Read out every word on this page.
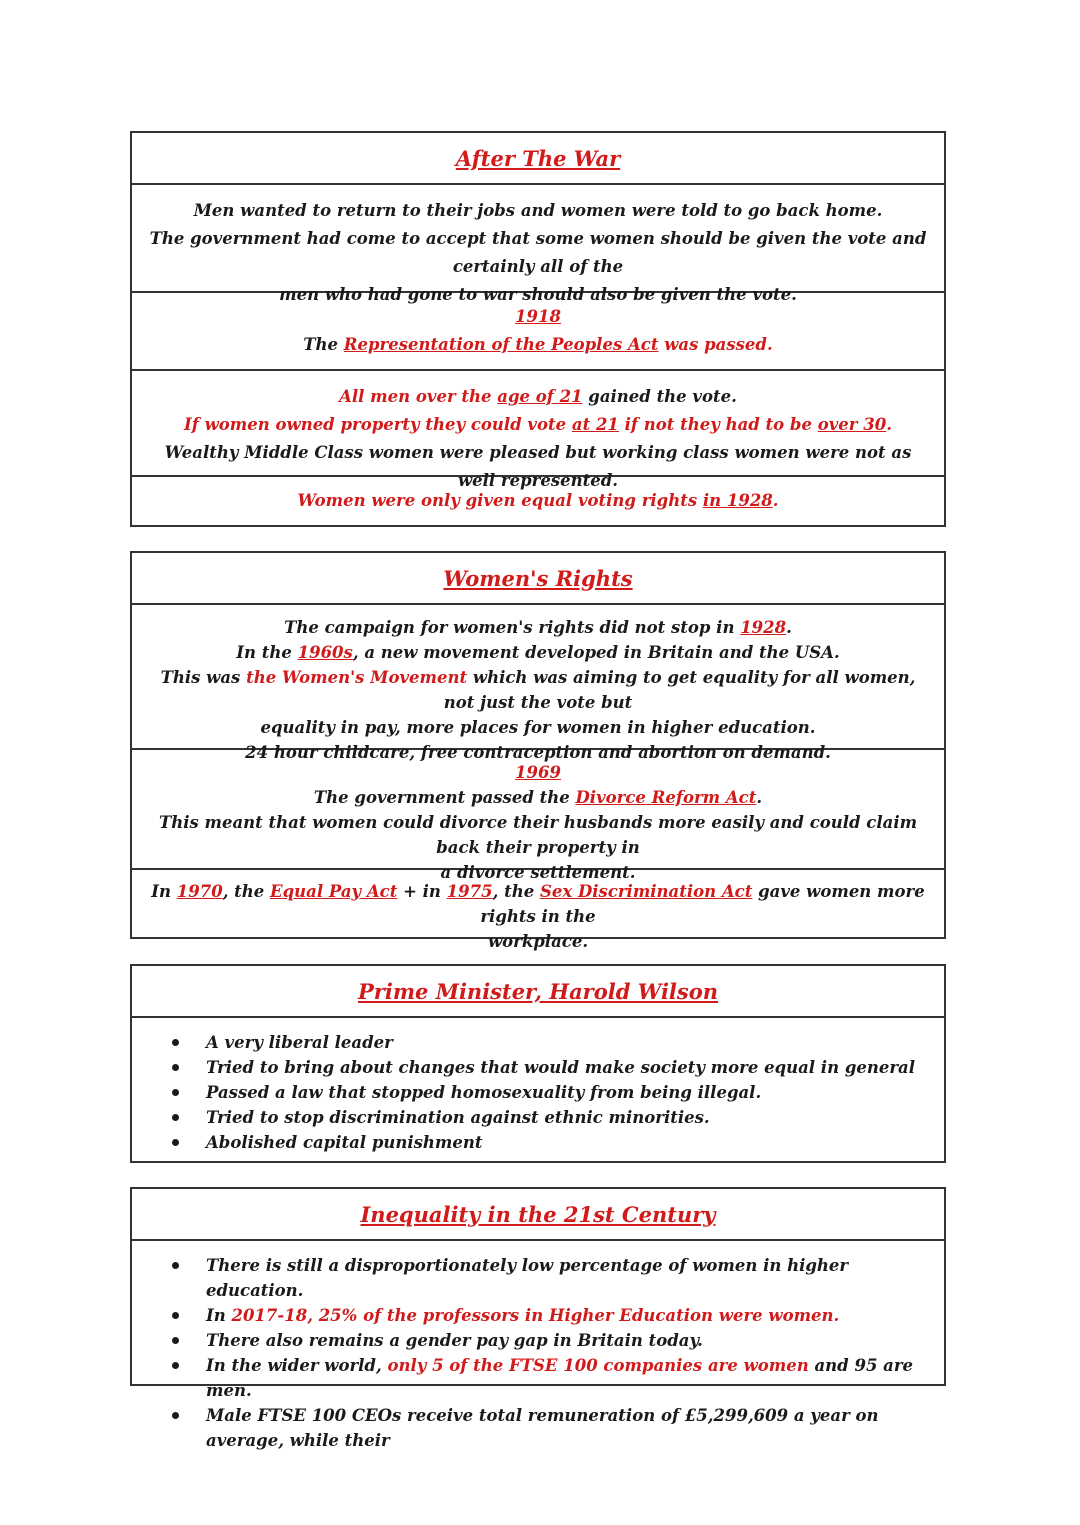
After The War

Men wanted to return to their jobs and women were told to go back home.

The government had come to accept that some women should be given the vote and certainly all of the

men who had gone to war should also be given the vote.

1918

The Representation of the Peoples Act was passed.

All men over the age of 21 gained the vote.

If women owned property they could vote at 21 if not they had to be over 30.

Wealthy Middle Class women were pleased but working class women were not as well represented.

Women were only given equal voting rights in 1928.

Women's Rights

The campaign for women's rights did not stop in 1928.

In the 1960s, a new movement developed in Britain and the USA.

This was the Women's Movement which was aiming to get equality for all women, not just the vote but

equality in pay, more places for women in higher education.

24 hour childcare, free contraception and abortion on demand.

1969

The government passed the Divorce Reform Act.

This meant that women could divorce their husbands more easily and could claim back their property in

a divorce settlement.

In 1970, the Equal Pay Act + in 1975, the Sex Discrimination Act gave women more rights in the

workplace.

Prime Minister, Harold Wilson
A very liberal leader
Tried to bring about changes that would make society more equal in general
Passed a law that stopped homosexuality from being illegal.
Tried to stop discrimination against ethnic minorities.
Abolished capital punishment
Inequality in the 21st Century
There is still a disproportionately low percentage of women in higher education.
In 2017-18, 25% of the professors in Higher Education were women.
There also remains a gender pay gap in Britain today.
In the wider world, only 5 of the FTSE 100 companies are women and 95 are men.
Male FTSE 100 CEOs receive total remuneration of £5,299,609 a year on average, while their
